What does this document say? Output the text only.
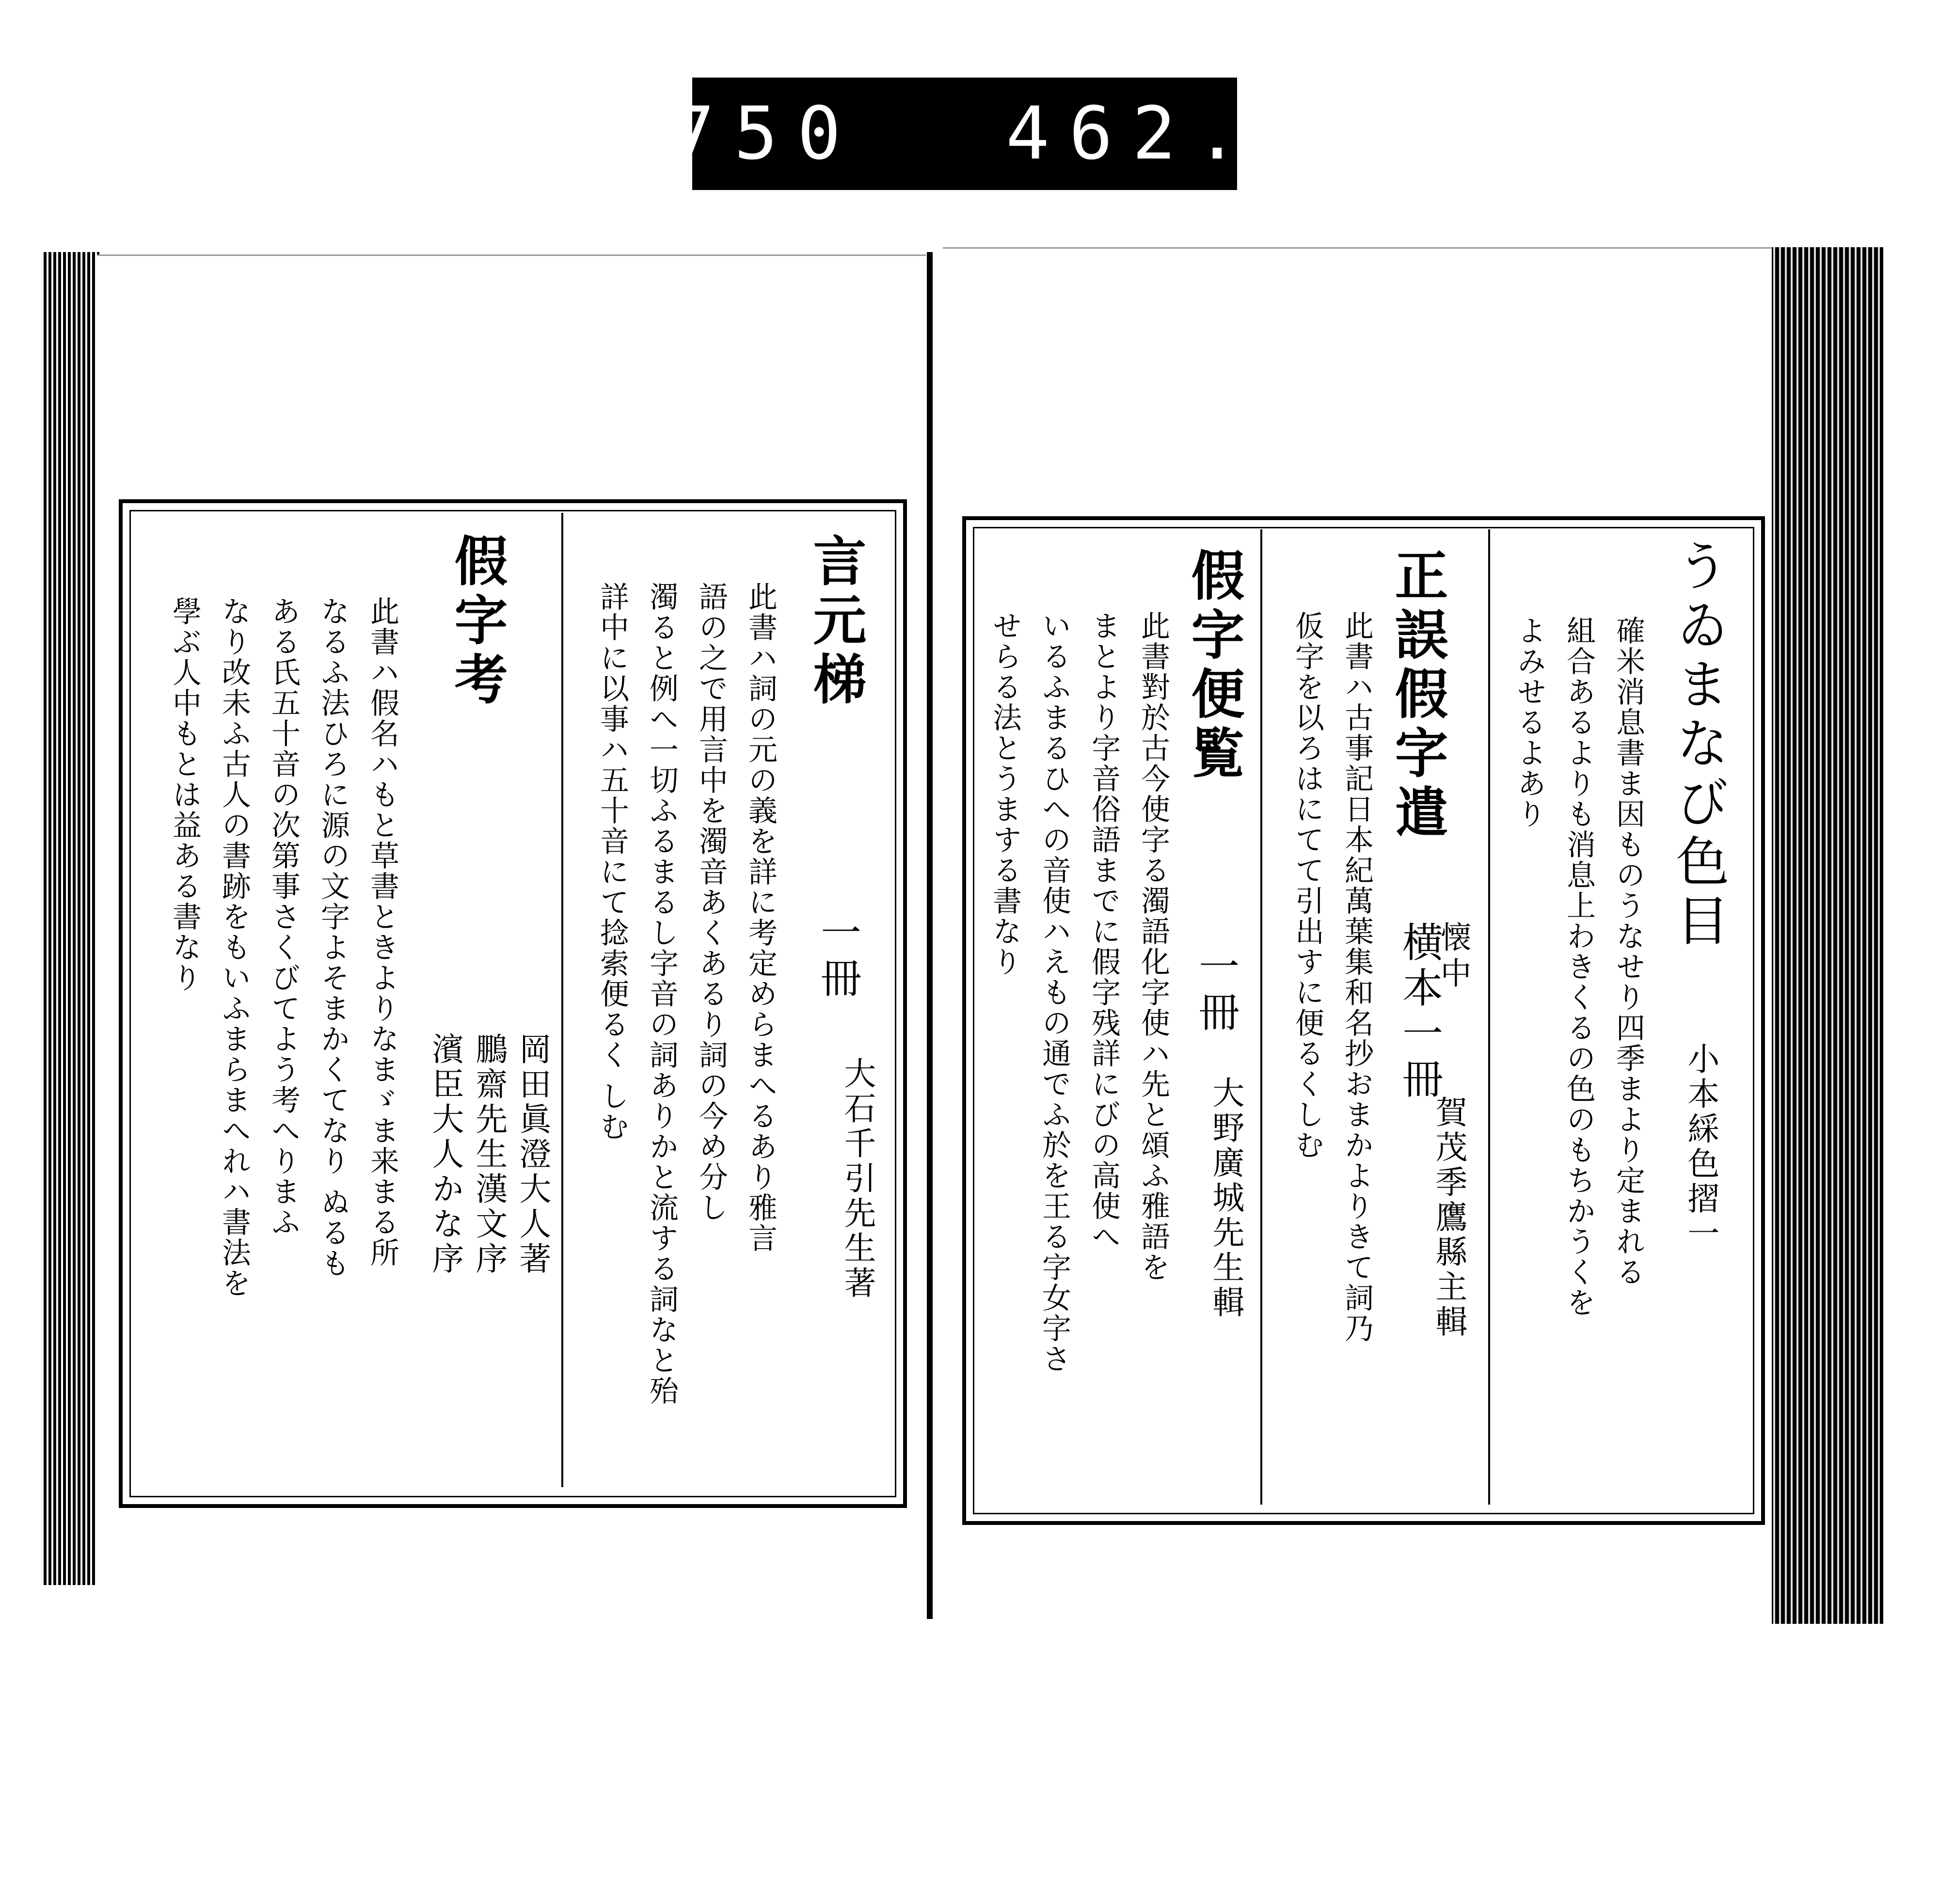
750 462.
言元梯
一冊
大石千引先生著
此書ハ詞の元の義を詳に考定めらまへるあり雅言
語の之で用言中を濁音あくあるり詞の今め分し
濁ると例へ一切ふるまるし字音の詞ありかと流する詞なと殆
詳中に以事ハ五十音にて捻索便るく しむ
假字考
岡田眞澄大人著
鵬齋先生漢文序
濱臣大人かな序
此書ハ假名ハもと草書ときよりなまゞま来まる所
なるふ法ひろに源の文字よそまかくてなり ぬるも
ある氏五十音の次第事さくびてよう考へりまふ
なり改未ふ古人の書跡をもいふまらまへれハ書法を
學ぶ人中もとは益ある書なり	うゐまなび色目
小本綵色摺一
確米消息書ま因ものうなせり四季まより定まれる
組合あるよりも消息上わきくるの色のもちかうくを
よみせるよあり
正誤假字遣
懐中
横本一冊
賀茂季鷹縣主輯
此書ハ古事記日本紀萬葉集和名抄おまかよりきて詞乃
仮字を以ろはにてて引出すに便るくしむ
假字便覧
一冊
大野廣城先生輯
此書對於古今使字る濁語化字使ハ先と頌ふ雅語を
まとより字音俗語までに假字残詳にびの高使へ
いるふまるひへの音使ハえもの通でふ於を王る字女字さ
せらる法とうまする書なり
